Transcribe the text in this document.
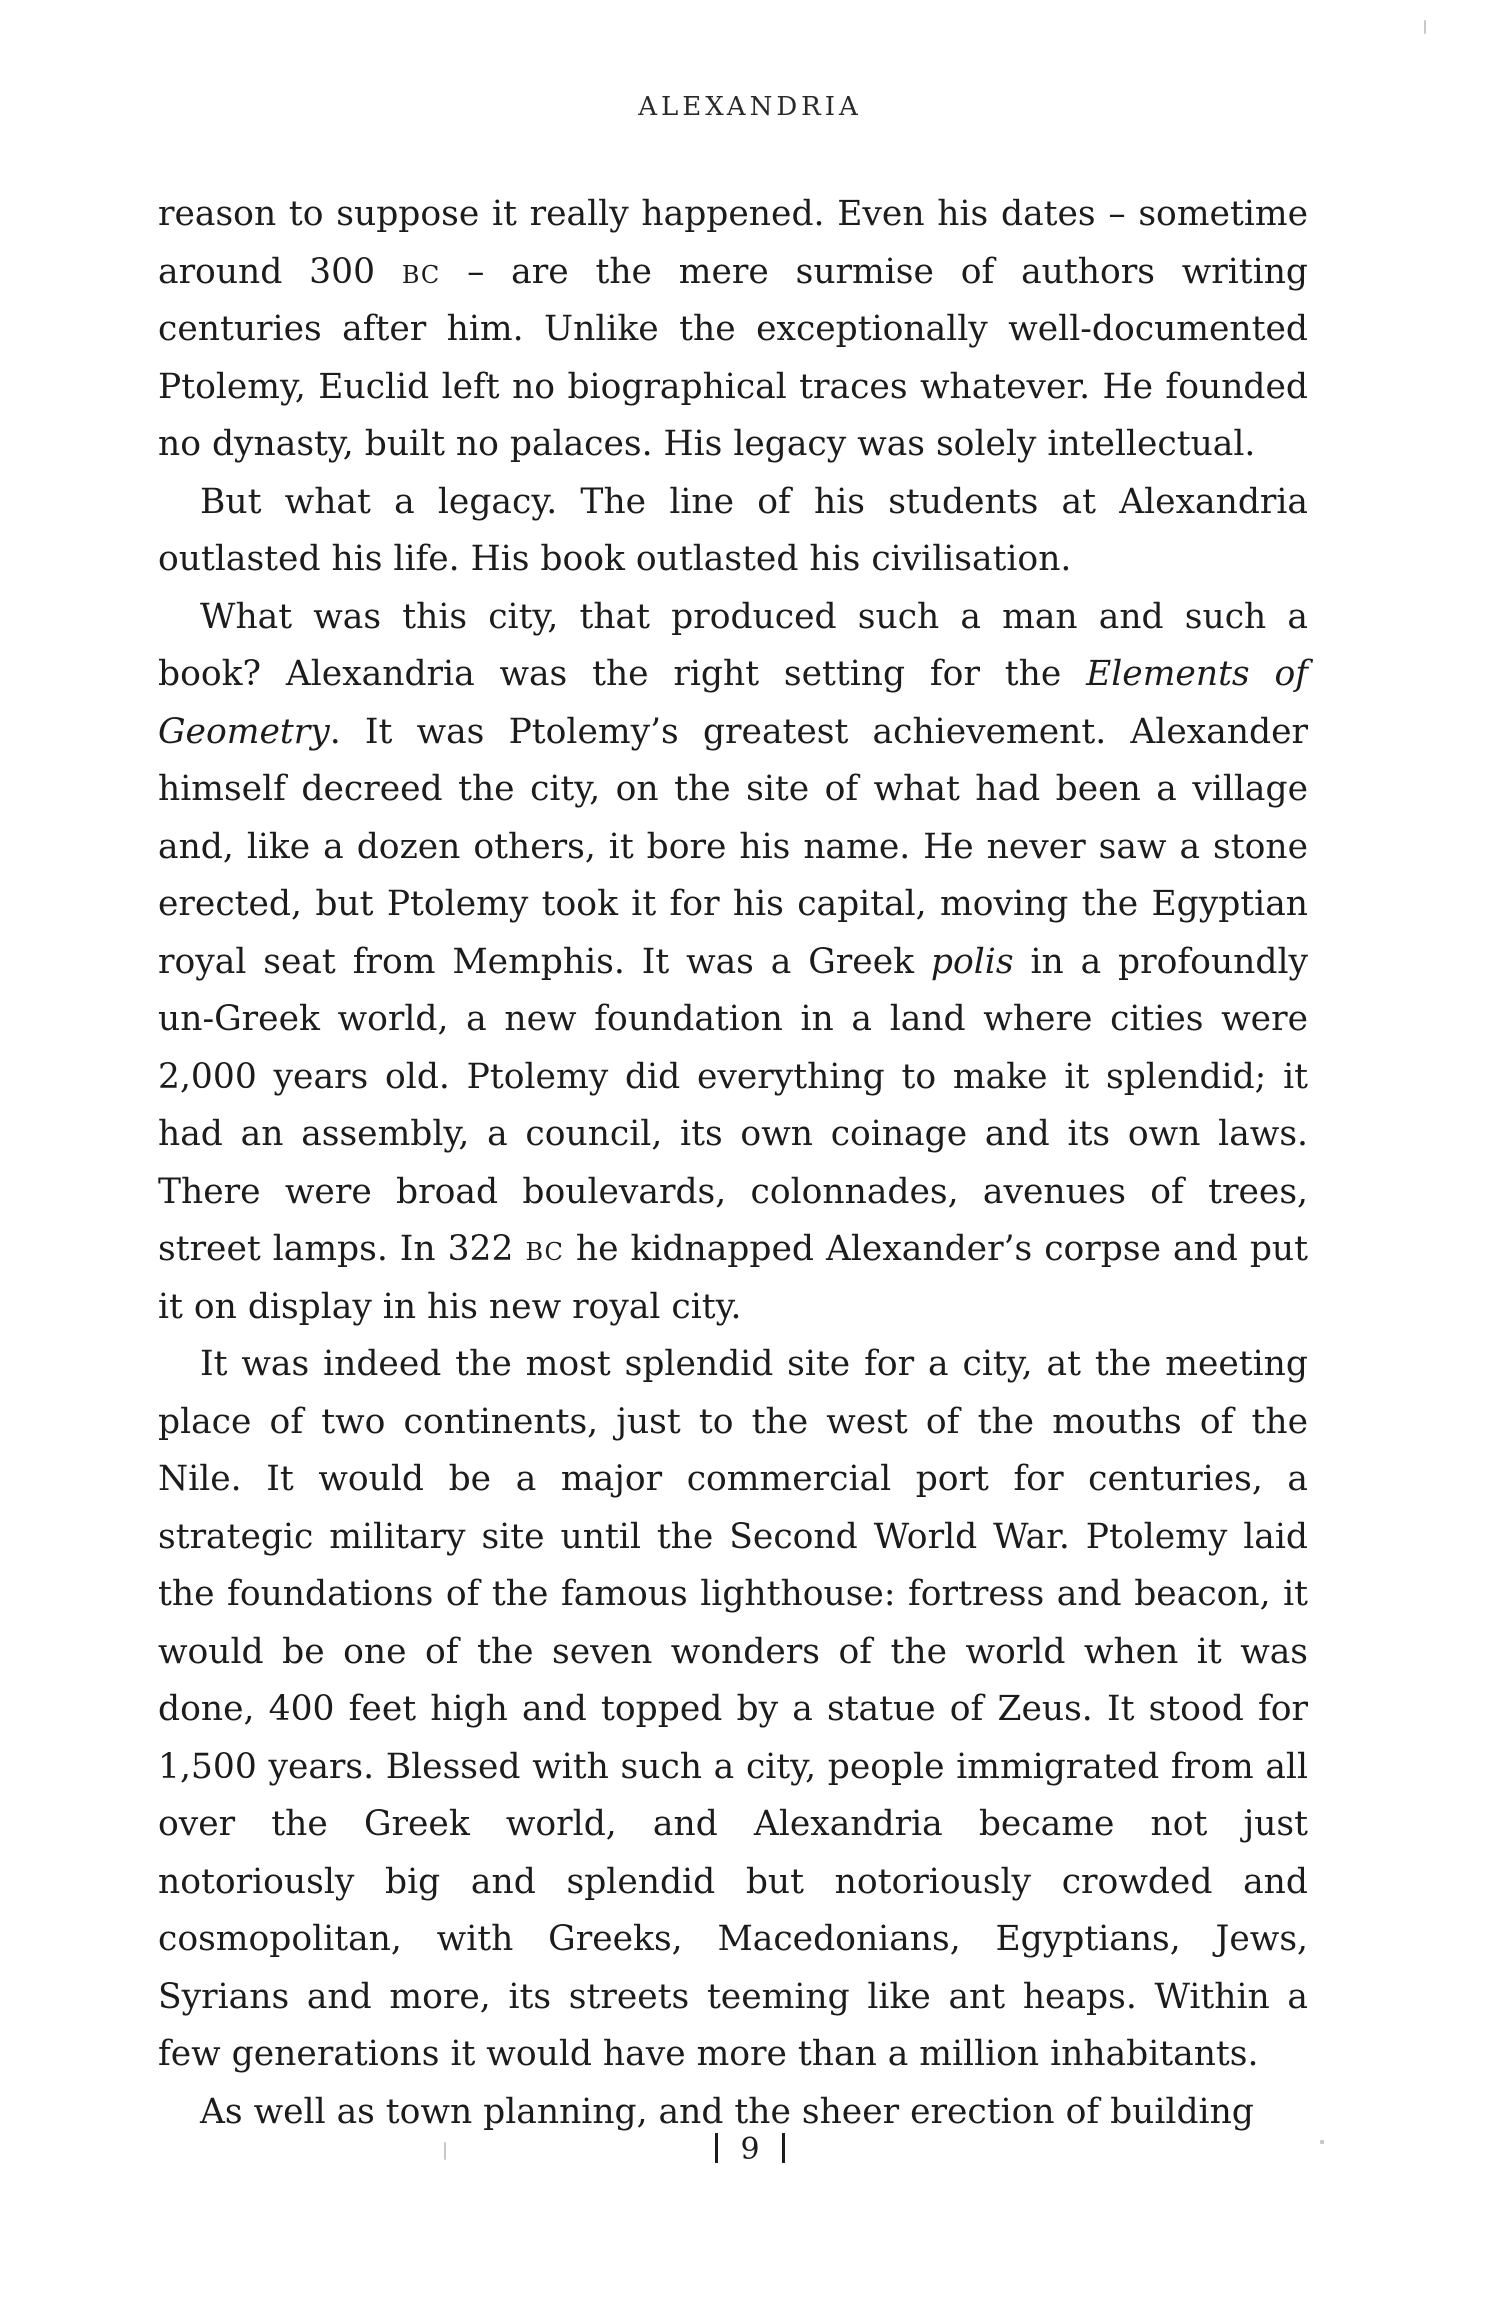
ALEXANDRIA

reason to suppose it really happened. Even his dates – sometime around 300 bc – are the mere surmise of authors writing centuries after him. Unlike the exceptionally well-documented Ptolemy, Euclid left no biographical traces whatever. He founded no dynasty, built no palaces. His legacy was solely intellectual.

But what a legacy. The line of his students at Alexandria outlasted his life. His book outlasted his civilisation.

What was this city, that produced such a man and such a book? Alexandria was the right setting for the Elements of Geometry. It was Ptolemy’s greatest achievement. Alexander himself decreed the city, on the site of what had been a village and, like a dozen others, it bore his name. He never saw a stone erected, but Ptolemy took it for his capital, moving the Egyptian royal seat from Memphis. It was a Greek polis in a profoundly un-Greek world, a new foundation in a land where cities were 2,000 years old. Ptolemy did everything to make it splendid; it had an assembly, a council, its own coinage and its own laws. There were broad boulevards, colonnades, avenues of trees, street lamps. In 322 bc he kidnapped Alexander’s corpse and put it on display in his new royal city.

It was indeed the most splendid site for a city, at the meeting place of two continents, just to the west of the mouths of the Nile. It would be a major commercial port for centuries, a strategic military site until the Second World War. Ptolemy laid the foundations of the famous lighthouse: fortress and beacon, it would be one of the seven wonders of the world when it was done, 400 feet high and topped by a statue of Zeus. It stood for 1,500 years. Blessed with such a city, people immigrated from all over the Greek world, and Alexandria became not just notoriously big and splendid but notoriously crowded and cosmopolitan, with Greeks, Macedonians, Egyptians, Jews, Syrians and more, its streets teeming like ant heaps. Within a few generations it would have more than a million inhabitants.

As well as town planning, and the sheer erection of building

9
